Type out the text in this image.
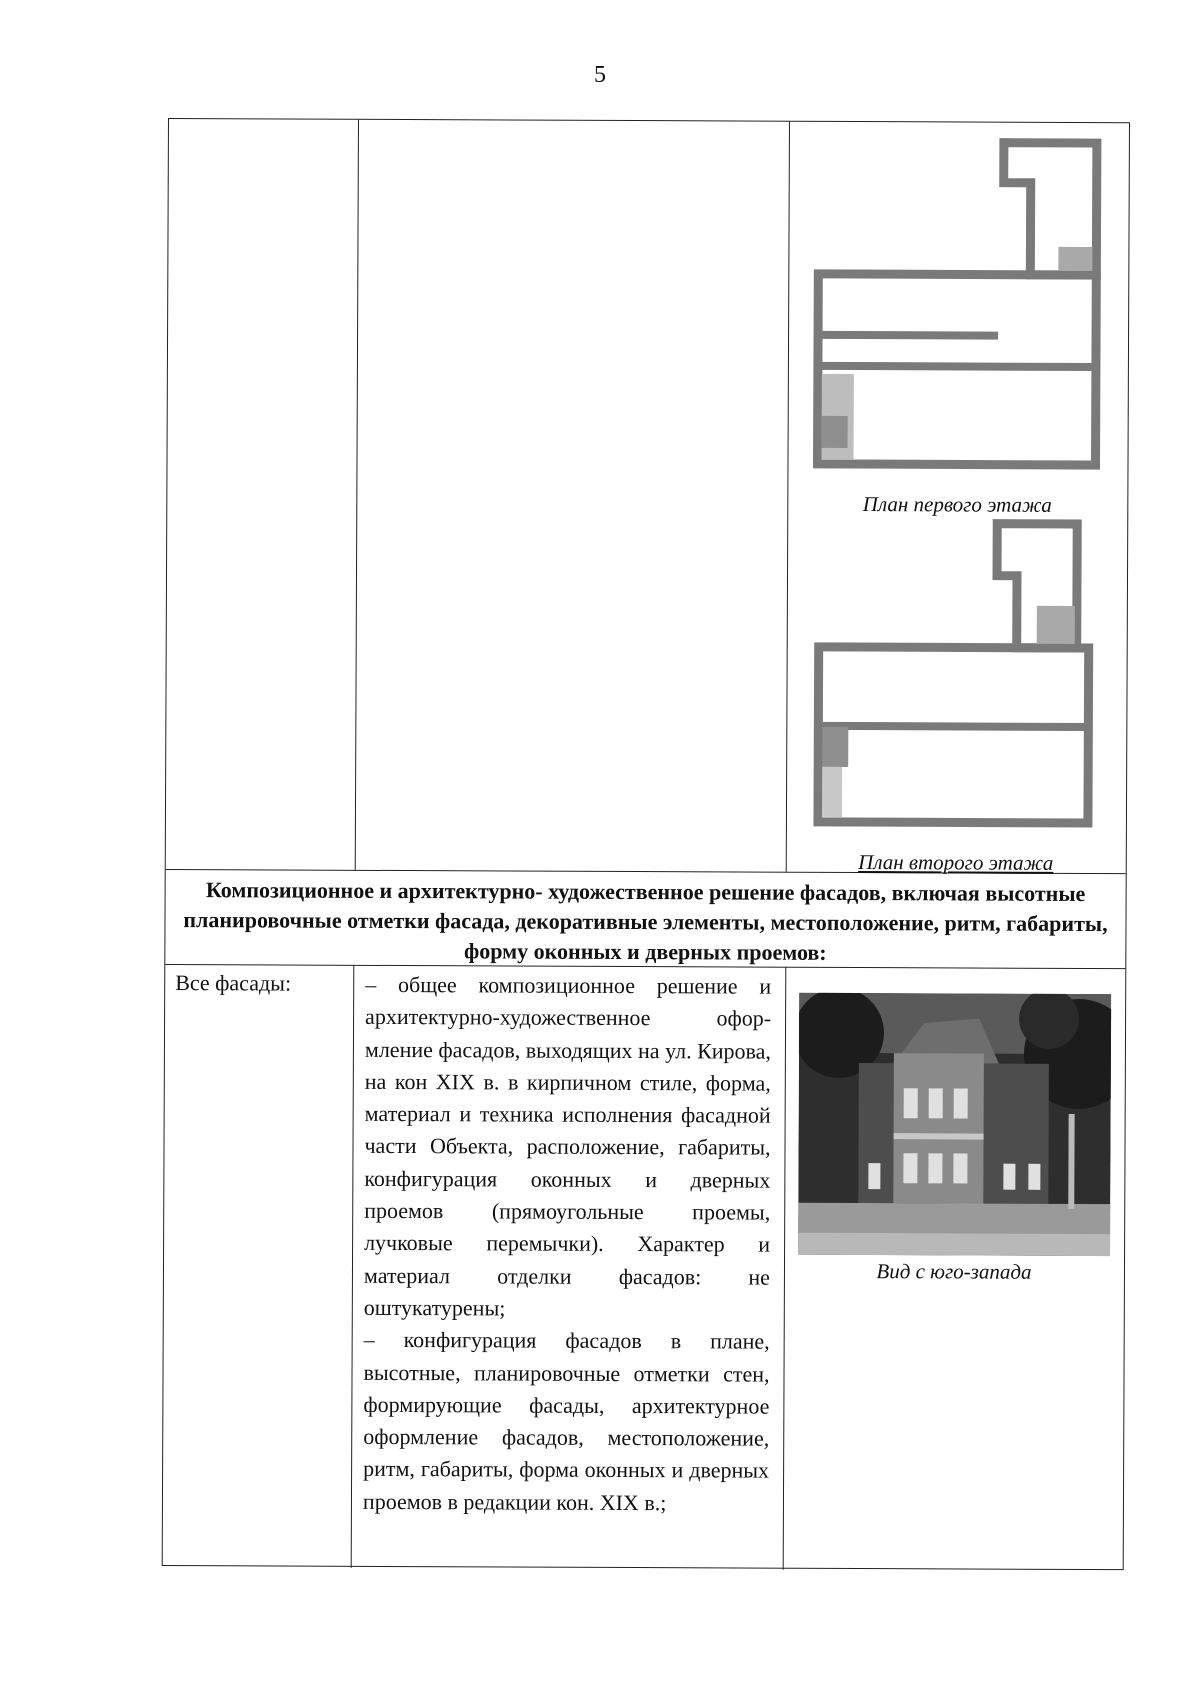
5
План первого этажа
План второго этажа
Композиционное и архитектурно- художественное решение фасадов, включая высотные планировочные отметки фасада, декоративные элементы, местоположение, ритм, габариты, форму оконных и дверных проемов:
Все фасады:	– общее композиционное решение и архитектурно-художественное офор-мление фасадов, выходящих на ул. Кирова, на кон XIX в. в кирпичном стиле, форма, материал и техника исполнения фасадной части Объекта, расположение, габариты, конфигурация оконных и дверных проемов (прямоугольные проемы, лучковые перемычки). Характер и материал отделки фасадов: не оштукатурены;

– конфигурация фасадов в плане, высотные, планировочные отметки стен, формирующие фасады, архитектурное оформление фасадов, местоположение, ритм, габариты, форма оконных и дверных проемов в редакции кон. XIX в.;

Вид с юго-запада
